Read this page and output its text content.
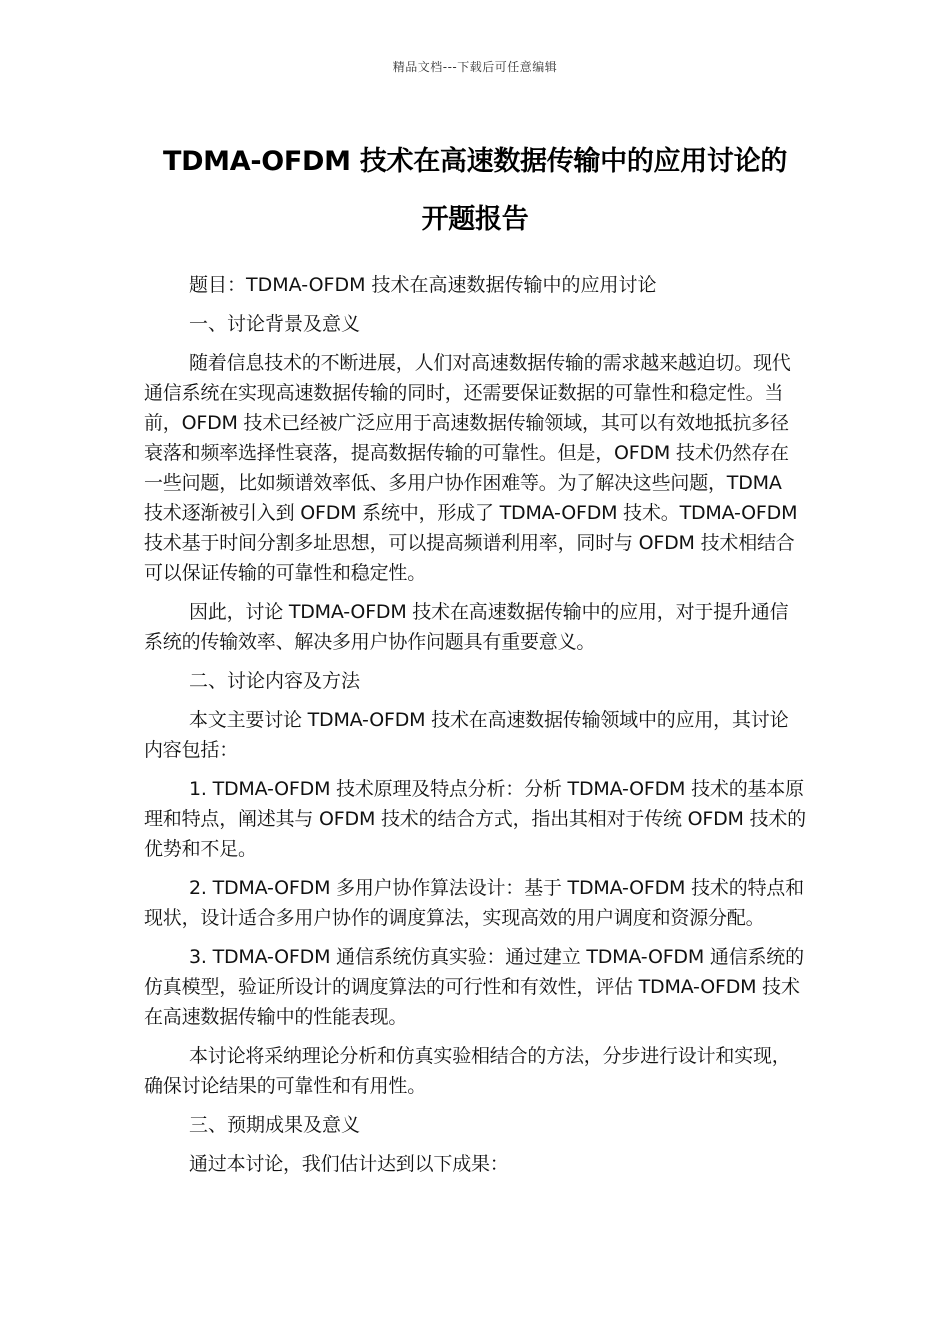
精品文档---下载后可任意编辑
TDMA-OFDM 技术在高速数据传输中的应用讨论的
开题报告

题目：TDMA-OFDM 技术在高速数据传输中的应用讨论

一、讨论背景及意义

随着信息技术的不断进展，人们对高速数据传输的需求越来越迫切。现代通信系统在实现高速数据传输的同时，还需要保证数据的可靠性和稳定性。当前，OFDM 技术已经被广泛应用于高速数据传输领域，其可以有效地抵抗多径衰落和频率选择性衰落，提高数据传输的可靠性。但是，OFDM 技术仍然存在一些问题，比如频谱效率低、多用户协作困难等。为了解决这些问题，TDMA 技术逐渐被引入到 OFDM 系统中，形成了 TDMA-OFDM 技术。TDMA-OFDM 技术基于时间分割多址思想，可以提高频谱利用率，同时与 OFDM 技术相结合可以保证传输的可靠性和稳定性。

因此，讨论 TDMA-OFDM 技术在高速数据传输中的应用，对于提升通信系统的传输效率、解决多用户协作问题具有重要意义。

二、讨论内容及方法

本文主要讨论 TDMA-OFDM 技术在高速数据传输领域中的应用，其讨论内容包括：

1. TDMA-OFDM 技术原理及特点分析：分析 TDMA-OFDM 技术的基本原理和特点，阐述其与 OFDM 技术的结合方式，指出其相对于传统 OFDM 技术的优势和不足。

2. TDMA-OFDM 多用户协作算法设计：基于 TDMA-OFDM 技术的特点和现状，设计适合多用户协作的调度算法，实现高效的用户调度和资源分配。

3. TDMA-OFDM 通信系统仿真实验：通过建立 TDMA-OFDM 通信系统的仿真模型，验证所设计的调度算法的可行性和有效性，评估 TDMA-OFDM 技术在高速数据传输中的性能表现。

本讨论将采纳理论分析和仿真实验相结合的方法，分步进行设计和实现，确保讨论结果的可靠性和有用性。

三、预期成果及意义

通过本讨论，我们估计达到以下成果：
